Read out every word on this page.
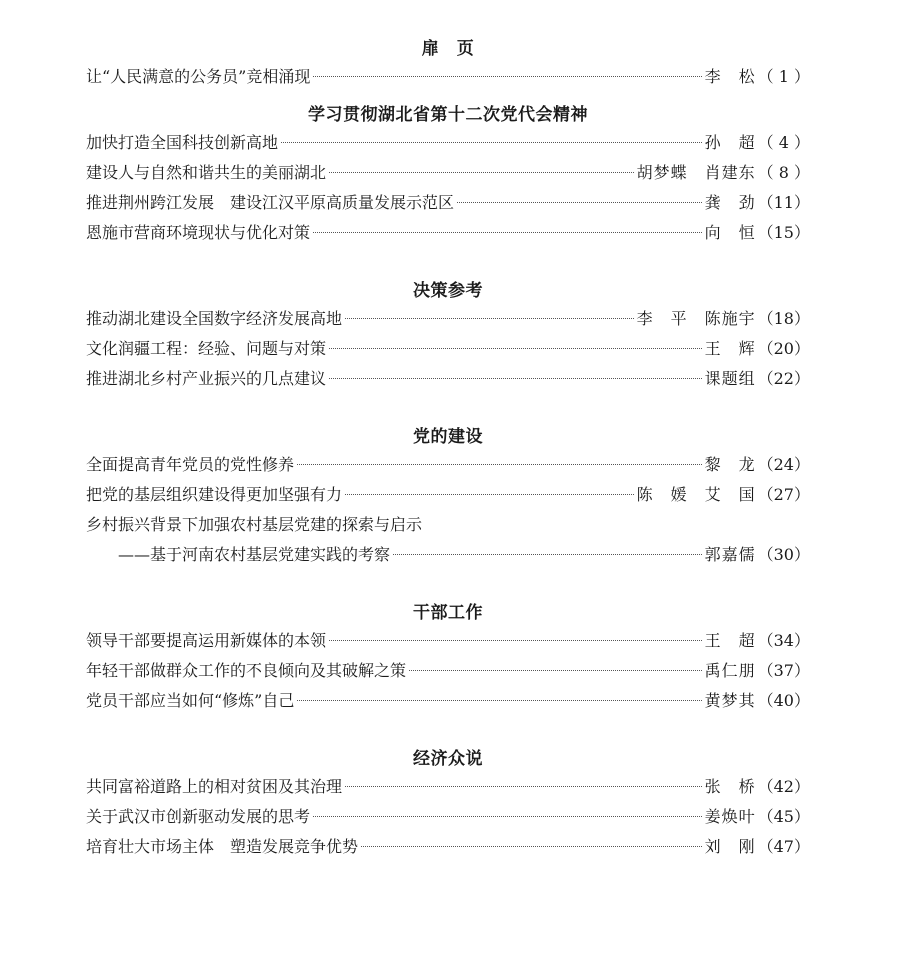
扉　页
让“人民满意的公务员”竞相涌现	李　松 （ 1 ）
学习贯彻湖北省第十二次党代会精神
加快打造全国科技创新高地	孙　超 （ 4 ）
建设人与自然和谐共生的美丽湖北	胡梦蝶　肖建东 （ 8 ）
推进荆州跨江发展　建设江汉平原高质量发展示范区	龚　劲 （11）
恩施市营商环境现状与优化对策	向　恒 （15）
决策参考
推动湖北建设全国数字经济发展高地	李　平　陈施宇 （18）
文化润疆工程：经验、问题与对策	王　辉 （20）
推进湖北乡村产业振兴的几点建议	课题组 （22）
党的建设
全面提高青年党员的党性修养	黎　龙 （24）
把党的基层组织建设得更加坚强有力	陈　媛　艾　国 （27）
乡村振兴背景下加强农村基层党建的探索与启示
——基于河南农村基层党建实践的考察	郭嘉儒 （30）
干部工作
领导干部要提高运用新媒体的本领	王　超 （34）
年轻干部做群众工作的不良倾向及其破解之策	禹仁朋 （37）
党员干部应当如何“修炼”自己	黄梦其 （40）
经济众说
共同富裕道路上的相对贫困及其治理	张　桥 （42）
关于武汉市创新驱动发展的思考	姜焕叶 （45）
培育壮大市场主体　塑造发展竞争优势	刘　刚 （47）
